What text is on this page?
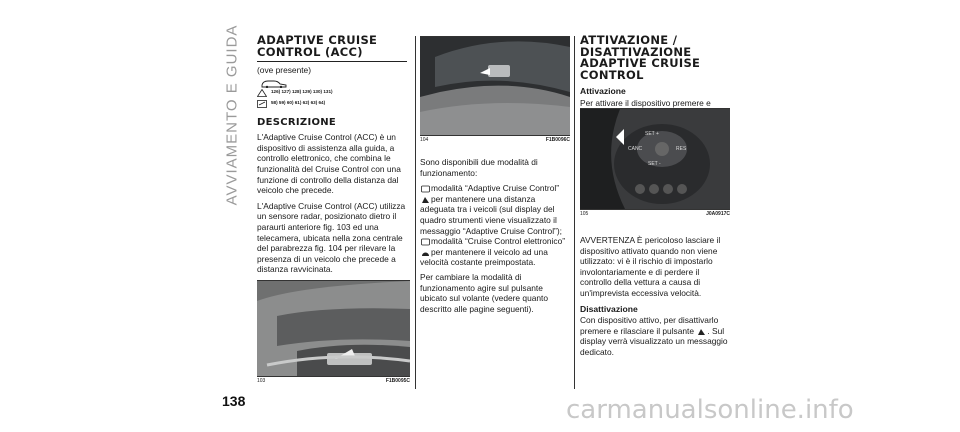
AVVIAMENTO E GUIDA
138
ADAPTIVE CRUISE
CONTROL (ACC)
(ove presente)
126) 127) 128) 129) 130) 131)
58) 59) 60) 61) 62) 63) 64)
DESCRIZIONE

L'Adaptive Cruise Control (ACC) è un dispositivo di assistenza alla guida, a controllo elettronico, che combina le funzionalità del Cruise Control con una funzione di controllo della distanza dal veicolo che precede.

L'Adaptive Cruise Control (ACC) utilizza un sensore radar, posizionato dietro il paraurti anteriore fig. 103 ed una telecamera, ubicata nella zona centrale del parabrezza fig. 104 per rilevare la presenza di un veicolo che precede a distanza ravvicinata.

103	F1B0095C
104	F1B0096C

Sono disponibili due modalità di funzionamento:

modalità “Adaptive Cruise Control”
per mantenere una distanza adeguata tra i veicoli (sul display del quadro strumenti viene visualizzato il messaggio “Adaptive Cruise Control”);
modalità “Cruise Control elettronico”
per mantenere il veicolo ad una velocità costante preimpostata.

Per cambiare la modalità di funzionamento agire sul pulsante ubicato sul volante (vedere quanto descritto alle pagine seguenti).

ATTIVAZIONE /
DISATTIVAZIONE
ADAPTIVE CRUISE
CONTROL
Attivazione

Per attivare il dispositivo premere e

SET +
CANC	RES
SET -
105	J0A0917C

AVVERTENZA È pericoloso lasciare il dispositivo attivato quando non viene utilizzato: vi è il rischio di impostarlo involontariamente e di perdere il controllo della vettura a causa di un'imprevista eccessiva velocità.

Disattivazione

Con dispositivo attivo, per disattivarlo premere e rilasciare il pulsante . Sul display verrà visualizzato un messaggio dedicato.

carmanualsonline.info
